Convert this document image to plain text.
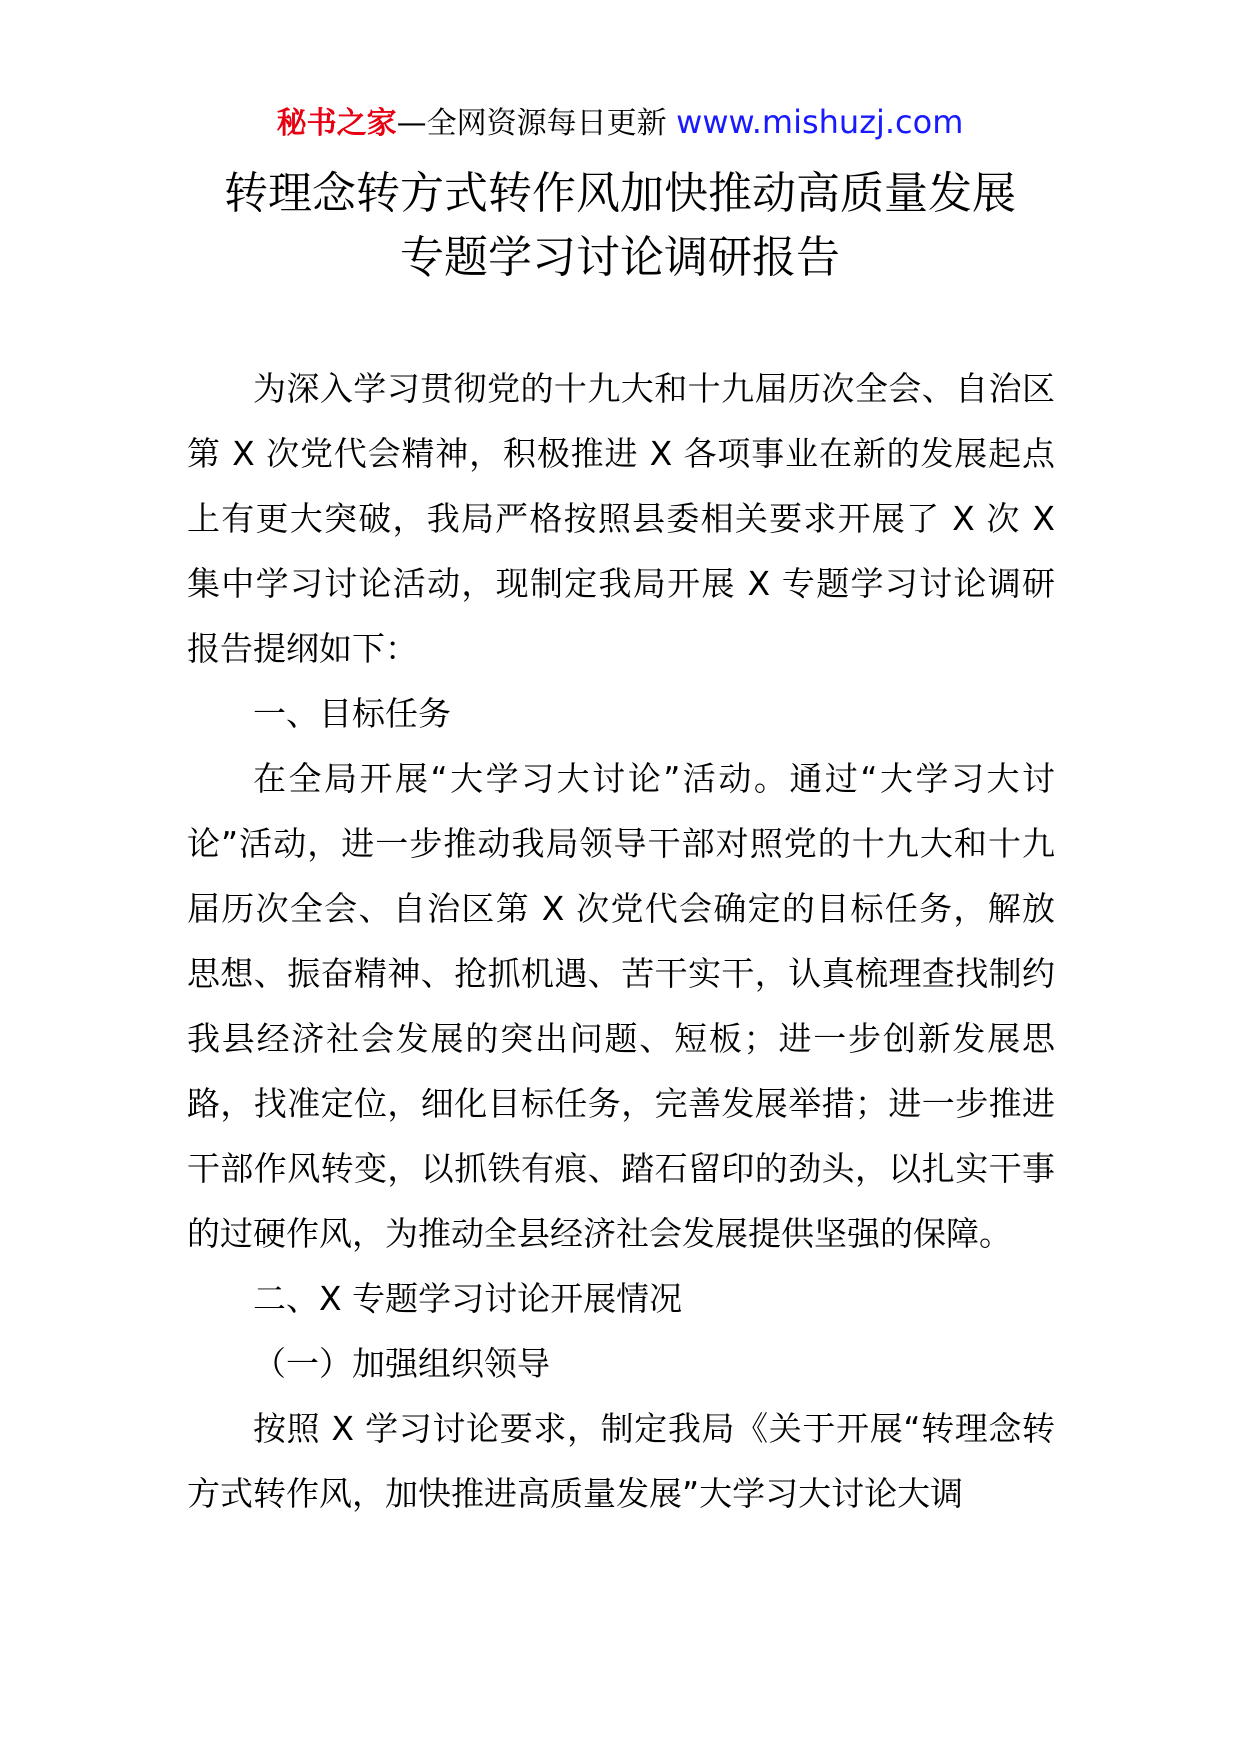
秘书之家—全网资源每日更新 www.mishuzj.com
转理念转方式转作风加快推动高质量发展
专题学习讨论调研报告

为深入学习贯彻党的十九大和十九届历次全会、自治区第 X 次党代会精神，积极推进 X 各项事业在新的发展起点上有更大突破，我局严格按照县委相关要求开展了 X 次 X 集中学习讨论活动，现制定我局开展 X 专题学习讨论调研报告提纲如下：

一、目标任务

在全局开展“大学习大讨论”活动。通过“大学习大讨论”活动，进一步推动我局领导干部对照党的十九大和十九届历次全会、自治区第 X 次党代会确定的目标任务，解放思想、振奋精神、抢抓机遇、苦干实干，认真梳理查找制约我县经济社会发展的突出问题、短板；进一步创新发展思路，找准定位，细化目标任务，完善发展举措；进一步推进干部作风转变，以抓铁有痕、踏石留印的劲头，以扎实干事的过硬作风，为推动全县经济社会发展提供坚强的保障。

二、X 专题学习讨论开展情况

（一）加强组织领导

按照 X 学习讨论要求，制定我局《关于开展“转理念转方式转作风，加快推进高质量发展”大学习大讨论大调
